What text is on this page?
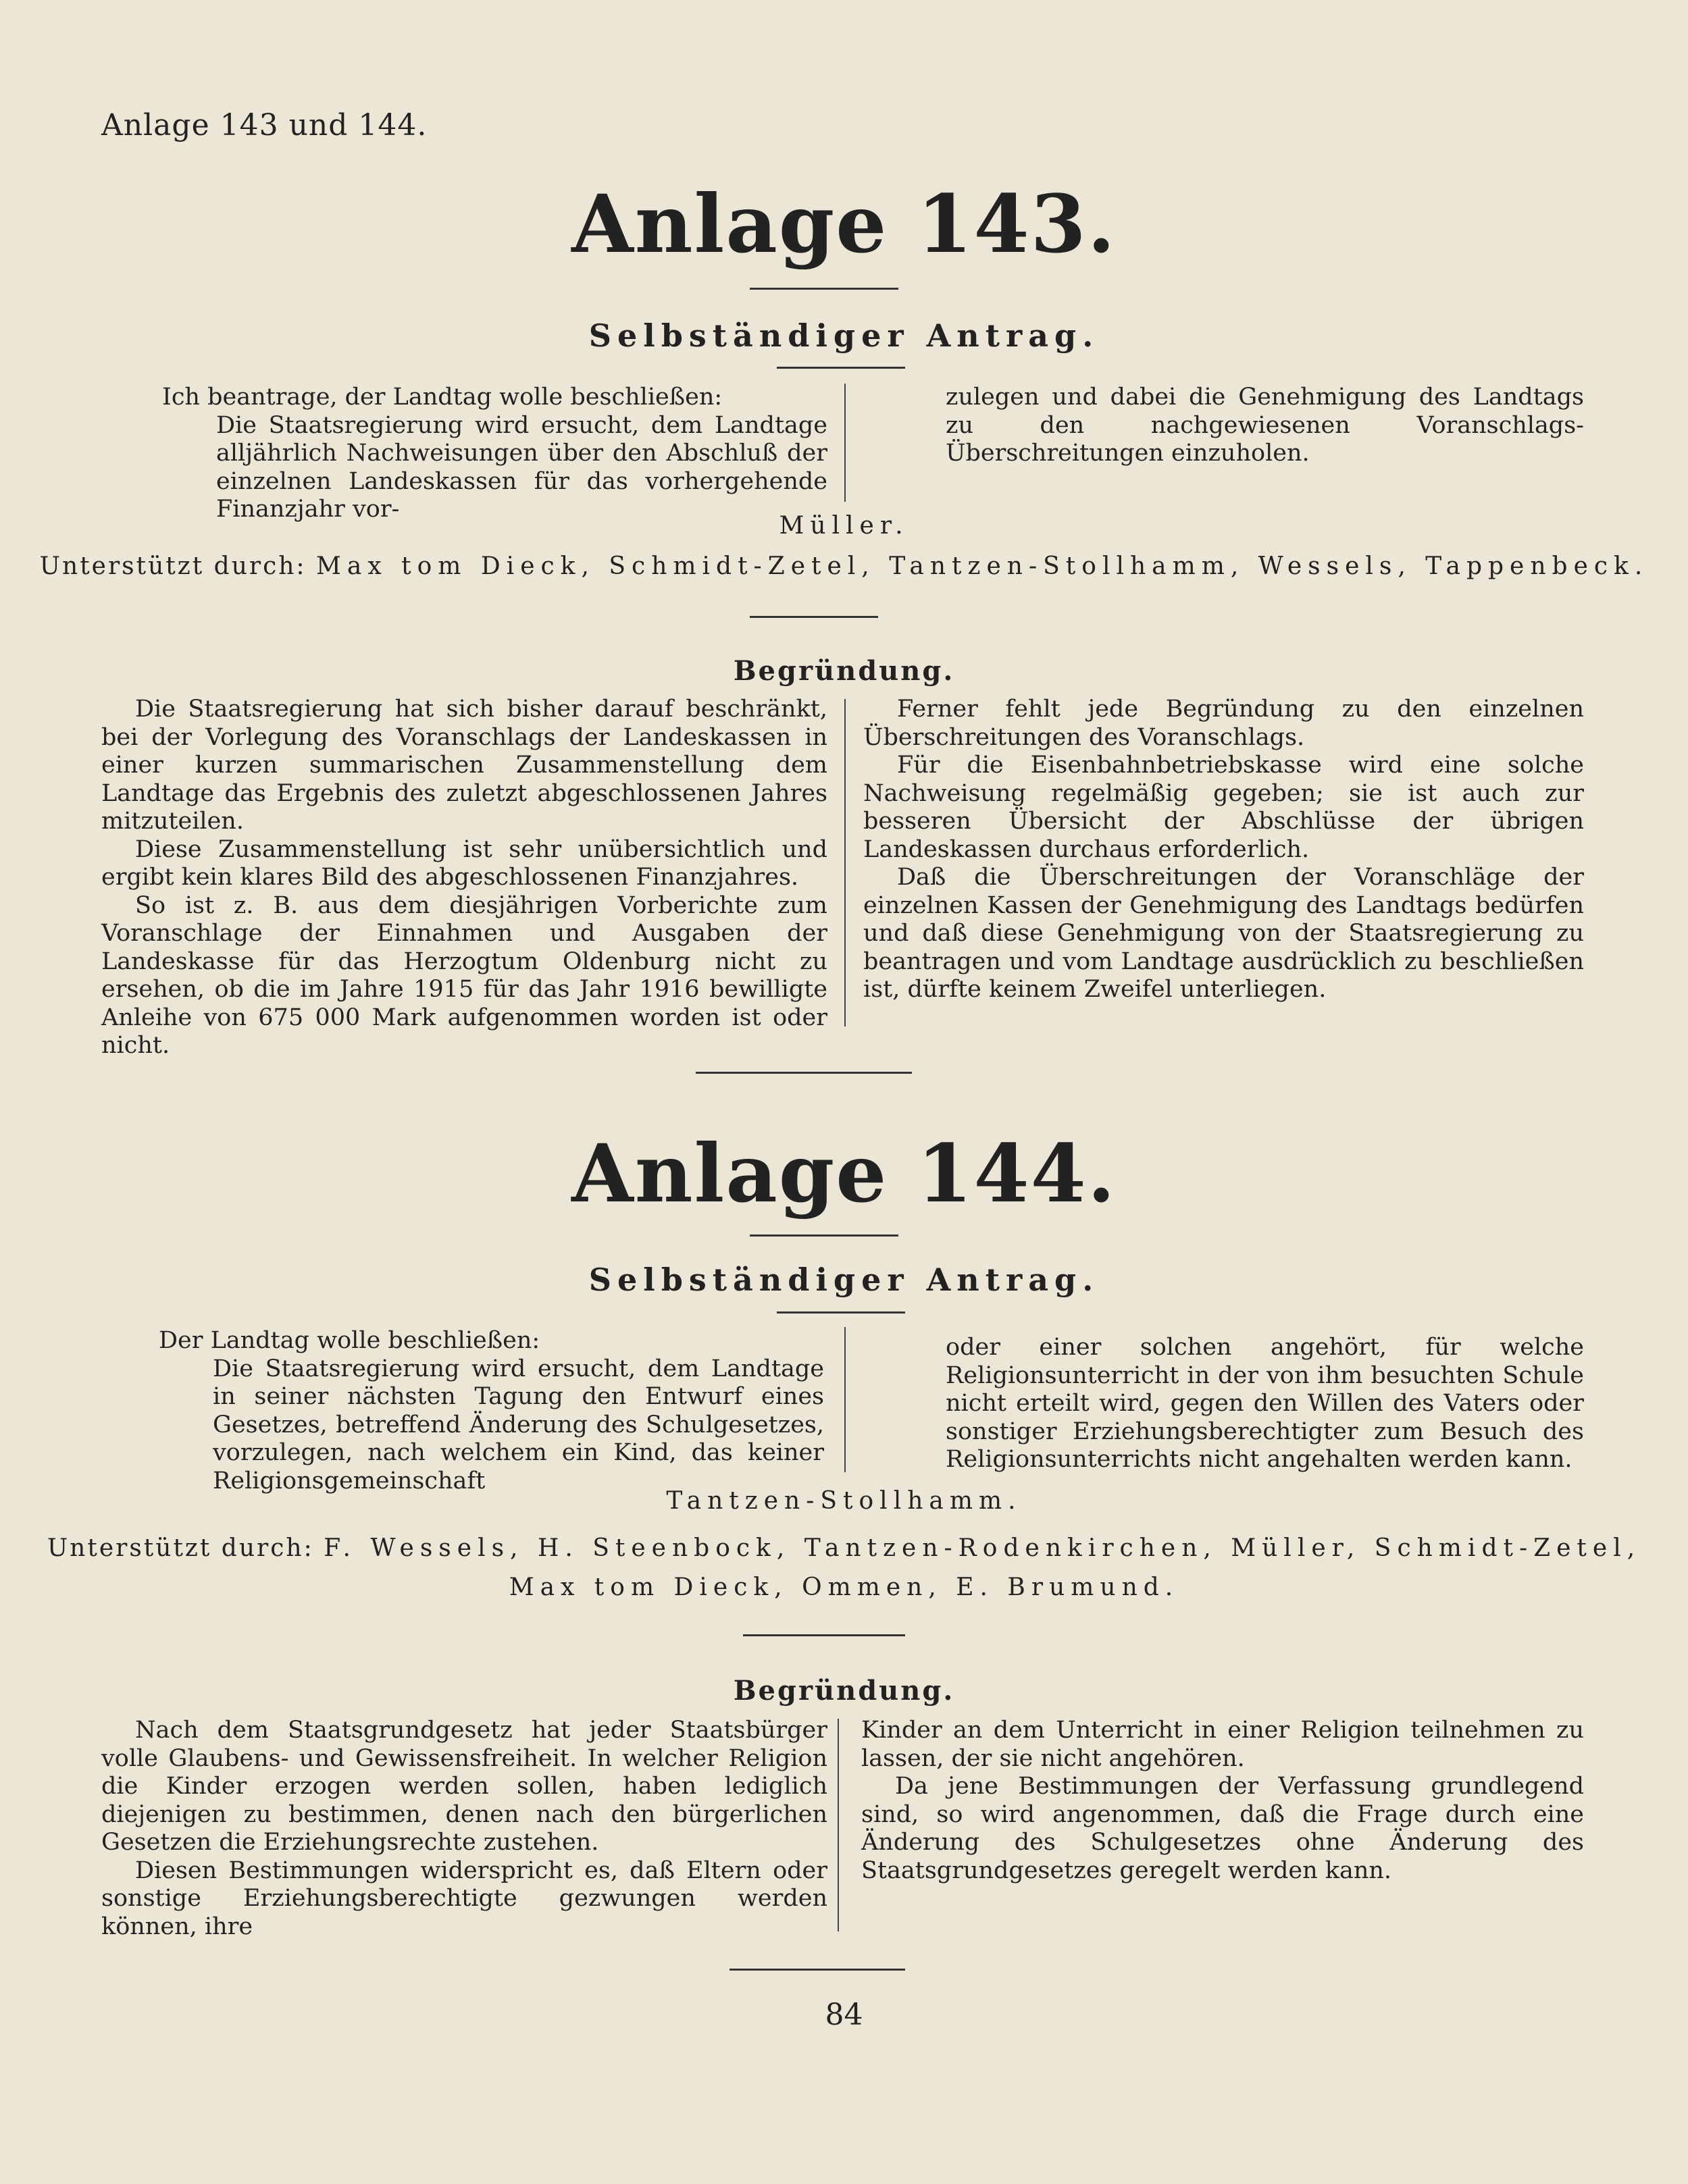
Anlage 143 und 144.
Anlage 143.
Selbständiger Antrag.

Ich beantrage, der Landtag wolle beschließen:

Die Staatsregierung wird ersucht, dem Landtage alljährlich Nachweisungen über den Abschluß der einzelnen Landeskassen für das vorhergehende Finanzjahr vor-

zulegen und dabei die Genehmigung des Landtags zu den nachgewiesenen Voranschlags-Überschreitungen einzuholen.

Müller.
Unterstützt durch: Max tom Dieck, Schmidt-Zetel, Tantzen-Stollhamm, Wessels, Tappenbeck.
Begründung.

Die Staatsregierung hat sich bisher darauf beschränkt, bei der Vorlegung des Voranschlags der Landeskassen in einer kurzen summarischen Zusammenstellung dem Landtage das Ergebnis des zuletzt abgeschlossenen Jahres mitzuteilen.

Diese Zusammenstellung ist sehr unübersichtlich und ergibt kein klares Bild des abgeschlossenen Finanzjahres.

So ist z. B. aus dem diesjährigen Vorberichte zum Voranschlage der Einnahmen und Ausgaben der Landeskasse für das Herzogtum Oldenburg nicht zu ersehen, ob die im Jahre 1915 für das Jahr 1916 bewilligte Anleihe von 675 000 Mark aufgenommen worden ist oder nicht.

Ferner fehlt jede Begründung zu den einzelnen Überschreitungen des Voranschlags.

Für die Eisenbahnbetriebskasse wird eine solche Nachweisung regelmäßig gegeben; sie ist auch zur besseren Übersicht der Abschlüsse der übrigen Landeskassen durchaus erforderlich.

Daß die Überschreitungen der Voranschläge der einzelnen Kassen der Genehmigung des Landtags bedürfen und daß diese Genehmigung von der Staatsregierung zu beantragen und vom Landtage ausdrücklich zu beschließen ist, dürfte keinem Zweifel unterliegen.

Anlage 144.
Selbständiger Antrag.

Der Landtag wolle beschließen:

Die Staatsregierung wird ersucht, dem Landtage in seiner nächsten Tagung den Entwurf eines Gesetzes, betreffend Änderung des Schulgesetzes, vorzulegen, nach welchem ein Kind, das keiner Religionsgemeinschaft

oder einer solchen angehört, für welche Religionsunterricht in der von ihm besuchten Schule nicht erteilt wird, gegen den Willen des Vaters oder sonstiger Erziehungsberechtigter zum Besuch des Religionsunterrichts nicht angehalten werden kann.

Tantzen-Stollhamm.
Unterstützt durch: F. Wessels, H. Steenbock, Tantzen-Rodenkirchen, Müller, Schmidt-Zetel,
Max tom Dieck, Ommen, E. Brumund.
Begründung.

Nach dem Staatsgrundgesetz hat jeder Staatsbürger volle Glaubens- und Gewissensfreiheit. In welcher Religion die Kinder erzogen werden sollen, haben lediglich diejenigen zu bestimmen, denen nach den bürgerlichen Gesetzen die Erziehungsrechte zustehen.

Diesen Bestimmungen widerspricht es, daß Eltern oder sonstige Erziehungsberechtigte gezwungen werden können, ihre

Kinder an dem Unterricht in einer Religion teilnehmen zu lassen, der sie nicht angehören.

Da jene Bestimmungen der Verfassung grundlegend sind, so wird angenommen, daß die Frage durch eine Änderung des Schulgesetzes ohne Änderung des Staatsgrundgesetzes geregelt werden kann.

84
